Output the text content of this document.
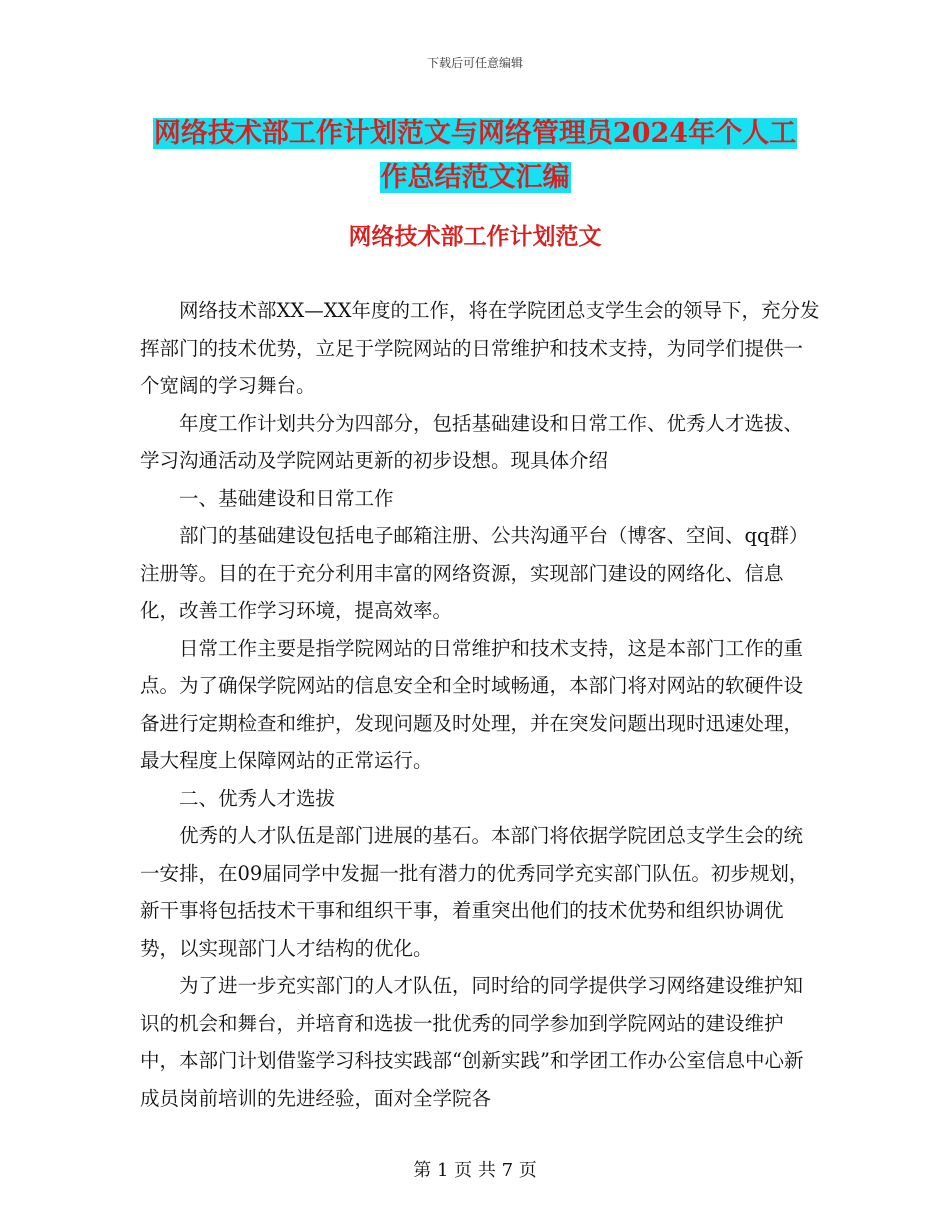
下载后可任意编辑
网络技术部工作计划范文与网络管理员2024年个人工
作总结范文汇编
网络技术部工作计划范文

网络技术部XX—XX年度的工作，将在学院团总支学生会的领导下，充分发挥部门的技术优势，立足于学院网站的日常维护和技术支持，为同学们提供一个宽阔的学习舞台。

年度工作计划共分为四部分，包括基础建设和日常工作、优秀人才选拔、学习沟通活动及学院网站更新的初步设想。现具体介绍

一、基础建设和日常工作

部门的基础建设包括电子邮箱注册、公共沟通平台（博客、空间、qq群）注册等。目的在于充分利用丰富的网络资源，实现部门建设的网络化、信息化，改善工作学习环境，提高效率。

日常工作主要是指学院网站的日常维护和技术支持，这是本部门工作的重点。为了确保学院网站的信息安全和全时域畅通，本部门将对网站的软硬件设备进行定期检查和维护，发现问题及时处理，并在突发问题出现时迅速处理，最大程度上保障网站的正常运行。

二、优秀人才选拔

优秀的人才队伍是部门进展的基石。本部门将依据学院团总支学生会的统一安排，在09届同学中发掘一批有潜力的优秀同学充实部门队伍。初步规划，新干事将包括技术干事和组织干事，着重突出他们的技术优势和组织协调优势，以实现部门人才结构的优化。

为了进一步充实部门的人才队伍，同时给的同学提供学习网络建设维护知识的机会和舞台，并培育和选拔一批优秀的同学参加到学院网站的建设维护中，本部门计划借鉴学习科技实践部“创新实践”和学团工作办公室信息中心新成员岗前培训的先进经验，面对全学院各

第 1 页 共 7 页
